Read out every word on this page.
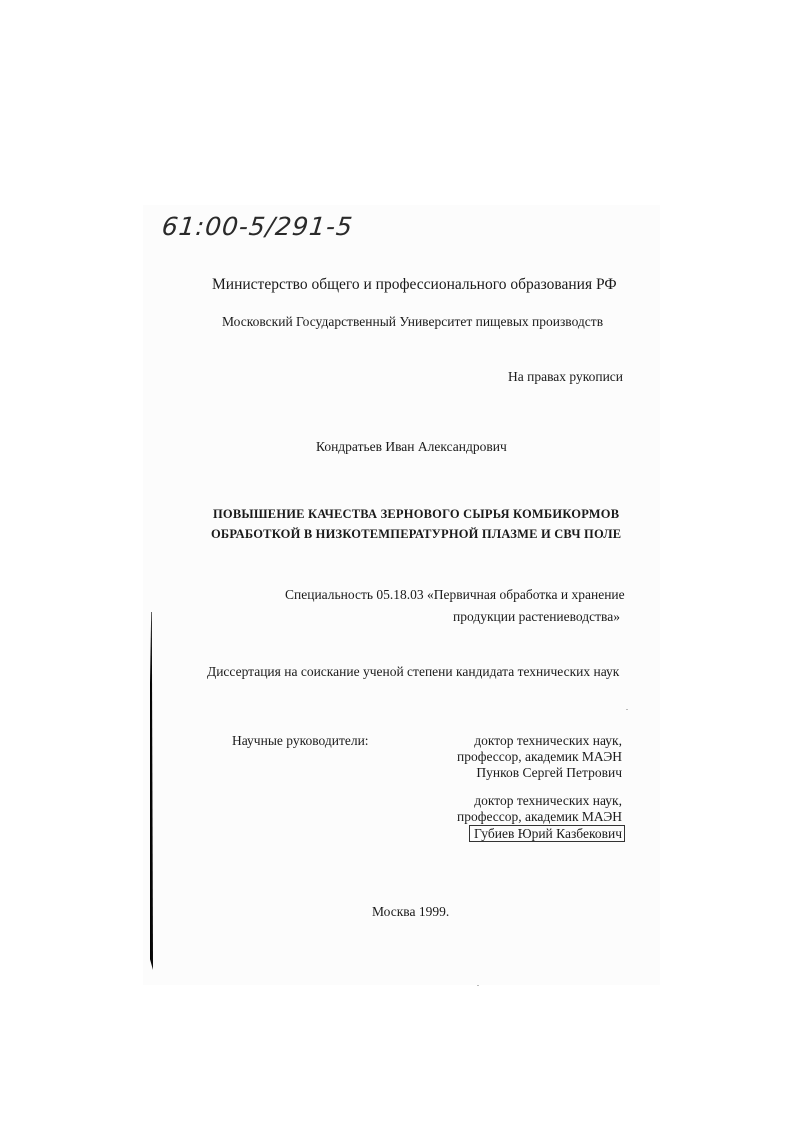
61:00-5/291-5
Министерство общего и профессионального образования РФ
Московский Государственный Университет пищевых производств
На правах рукописи
Кондратьев Иван Александрович
ПОВЫШЕНИЕ КАЧЕСТВА ЗЕРНОВОГО СЫРЬЯ КОМБИКОРМОВ
ОБРАБОТКОЙ В НИЗКОТЕМПЕРАТУРНОЙ ПЛАЗМЕ И СВЧ ПОЛЕ
Специальность 05.18.03 «Первичная обработка и хранение
продукции растениеводства»
Диссертация на соискание ученой степени кандидата технических наук
Научные руководители:	доктор технических наук,
профессор, академик МАЭН
Пунков Сергей Петрович
доктор технических наук,
профессор, академик МАЭН
Губиев Юрий Казбекович
Москва 1999.
